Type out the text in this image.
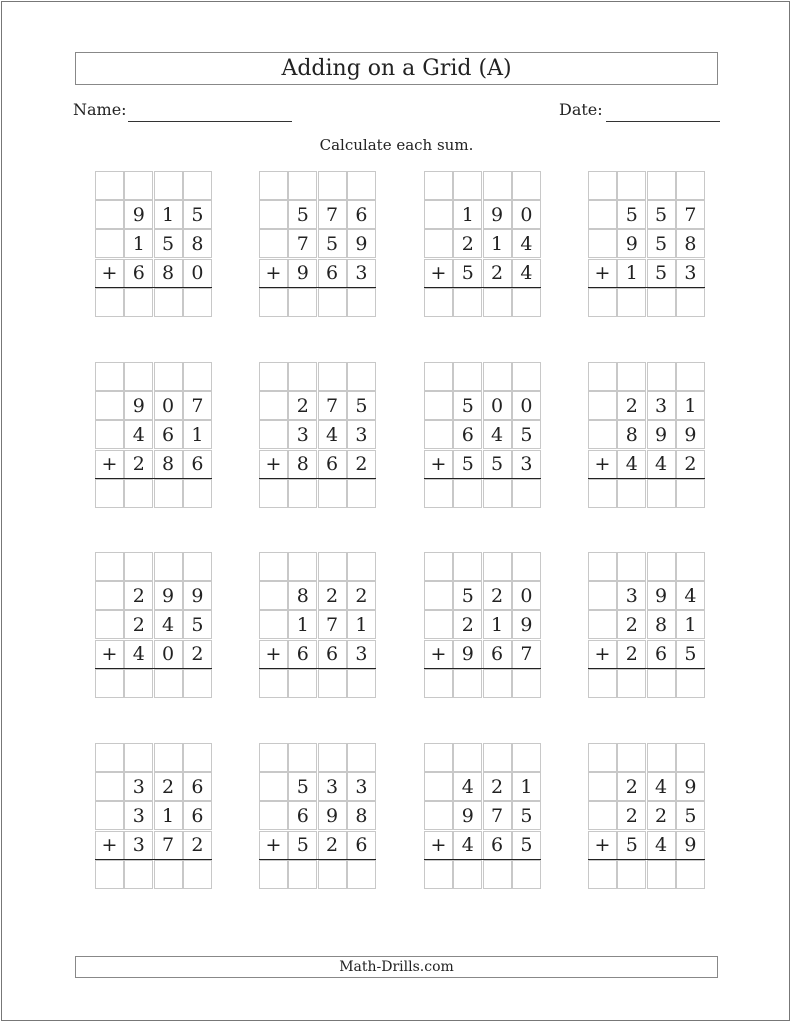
Adding on a Grid (A)
Name:	Date:
Calculate each sum.
9 1 5
1 5 8
+ 6 8 0
5 7 6
7 5 9
+ 9 6 3
1 9 0
2 1 4
+ 5 2 4
5 5 7
9 5 8
+ 1 5 3
9 0 7
4 6 1
+ 2 8 6
2 7 5
3 4 3
+ 8 6 2
5 0 0
6 4 5
+ 5 5 3
2 3 1
8 9 9
+ 4 4 2
2 9 9
2 4 5
+ 4 0 2
8 2 2
1 7 1
+ 6 6 3
5 2 0
2 1 9
+ 9 6 7
3 9 4
2 8 1
+ 2 6 5
3 2 6
3 1 6
+ 3 7 2
5 3 3
6 9 8
+ 5 2 6
4 2 1
9 7 5
+ 4 6 5
2 4 9
2 2 5
+ 5 4 9
Math-Drills.com
